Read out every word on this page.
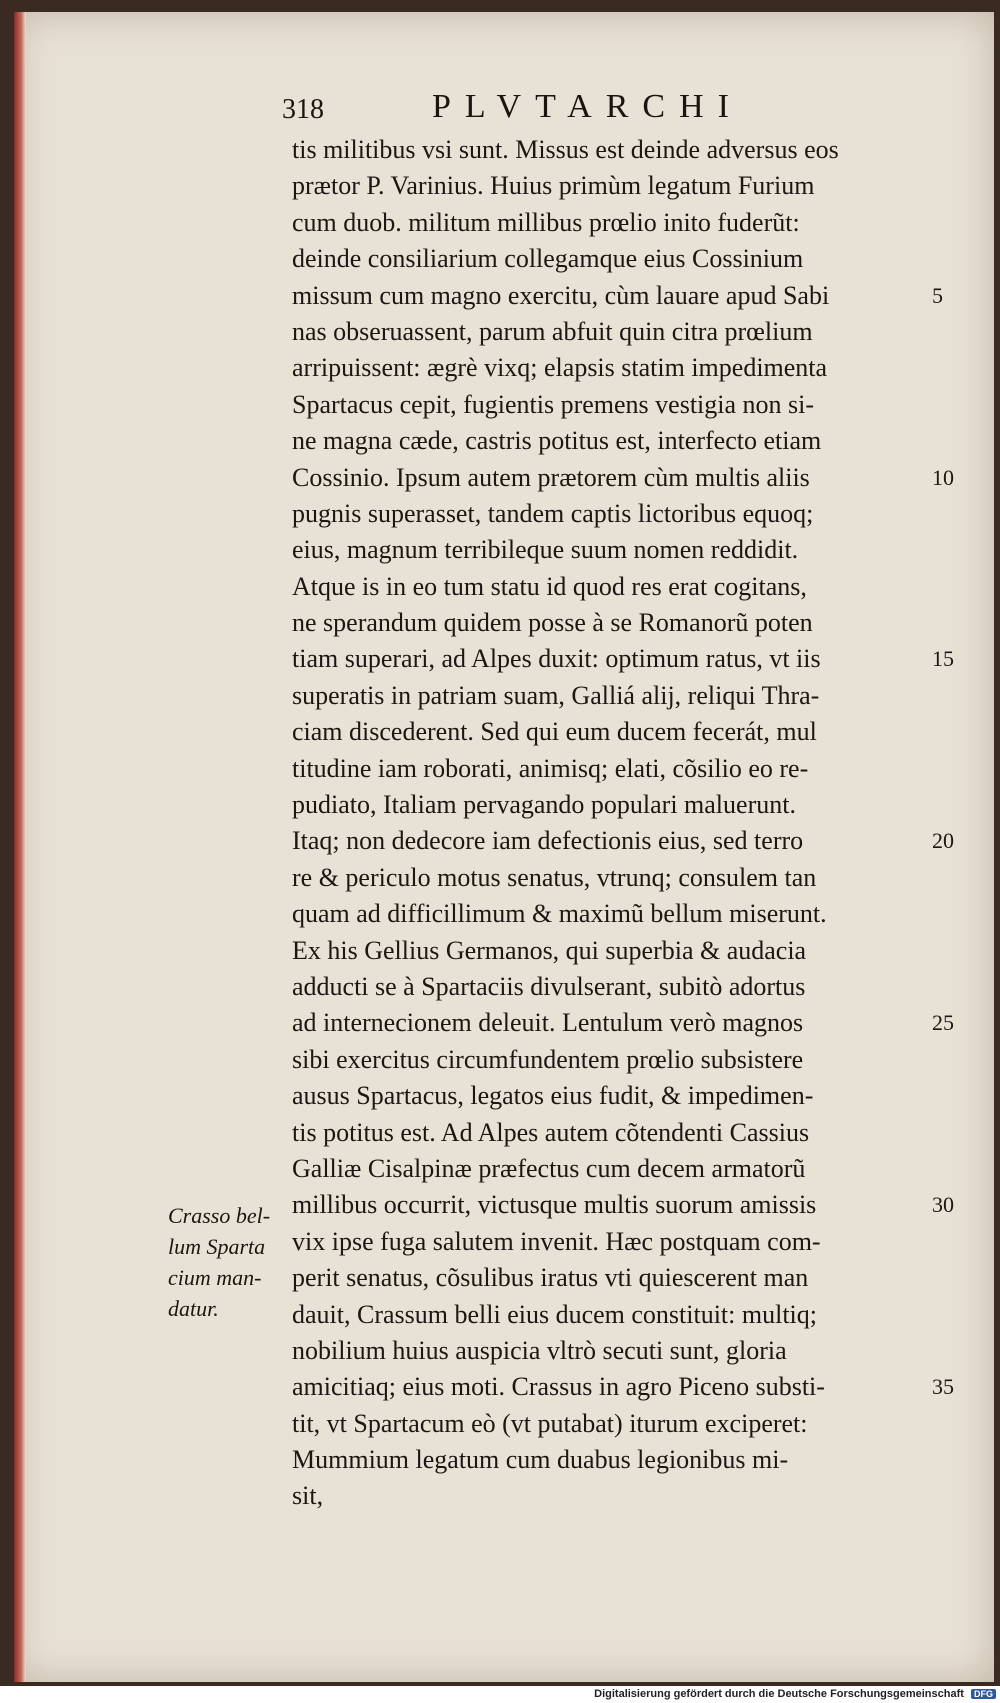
318	PLVTARCHI
tis militibus vsi sunt. Missus est deinde adversus eos
prætor P. Varinius. Huius primùm legatum Furium
cum duob. militum millibus prœlio inito fuderũt:
deinde consiliarium collegamque eius Cossinium
missum cum magno exercitu, cùm lauare apud Sabi
nas obseruassent, parum abfuit quin citra prœlium
arripuissent: ægrè vixq; elapsis statim impedimenta
Spartacus cepit, fugientis premens vestigia non si-
ne magna cæde, castris potitus est, interfecto etiam
Cossinio. Ipsum autem prætorem cùm multis aliis
pugnis superasset, tandem captis lictoribus equoq;
eius, magnum terribileque suum nomen reddidit.
Atque is in eo tum statu id quod res erat cogitans,
ne sperandum quidem posse à se Romanorũ poten
tiam superari, ad Alpes duxit: optimum ratus, vt iis
superatis in patriam suam, Galliá alij, reliqui Thra-
ciam discederent. Sed qui eum ducem fecerát, mul
titudine iam roborati, animisq; elati, cõsilio eo re-
pudiato, Italiam pervagando populari maluerunt.
Itaq; non dedecore iam defectionis eius, sed terro
re & periculo motus senatus, vtrunq; consulem tan
quam ad difficillimum & maximũ bellum miserunt.
Ex his Gellius Germanos, qui superbia & audacia
adducti se à Spartaciis divulserant, subitò adortus
ad internecionem deleuit. Lentulum verò magnos
sibi exercitus circumfundentem prœlio subsistere
ausus Spartacus, legatos eius fudit, & impedimen-
tis potitus est. Ad Alpes autem cõtendenti Cassius
Galliæ Cisalpinæ præfectus cum decem armatorũ
millibus occurrit, victusque multis suorum amissis
vix ipse fuga salutem invenit. Hæc postquam com-
perit senatus, cõsulibus iratus vti quiescerent man
dauit, Crassum belli eius ducem constituit: multiq;
nobilium huius auspicia vltrò secuti sunt, gloria
amicitiaq; eius moti. Crassus in agro Piceno substi-
tit, vt Spartacum eò (vt putabat) iturum exciperet:
Mummium legatum cum duabus legionibus mi-
sit,
5
10
15
20
25
30
35
Crasso bel-
lum Sparta
cium man-
datur.
Digitalisierung gefördert durch die Deutsche Forschungsgemeinschaft DFG
